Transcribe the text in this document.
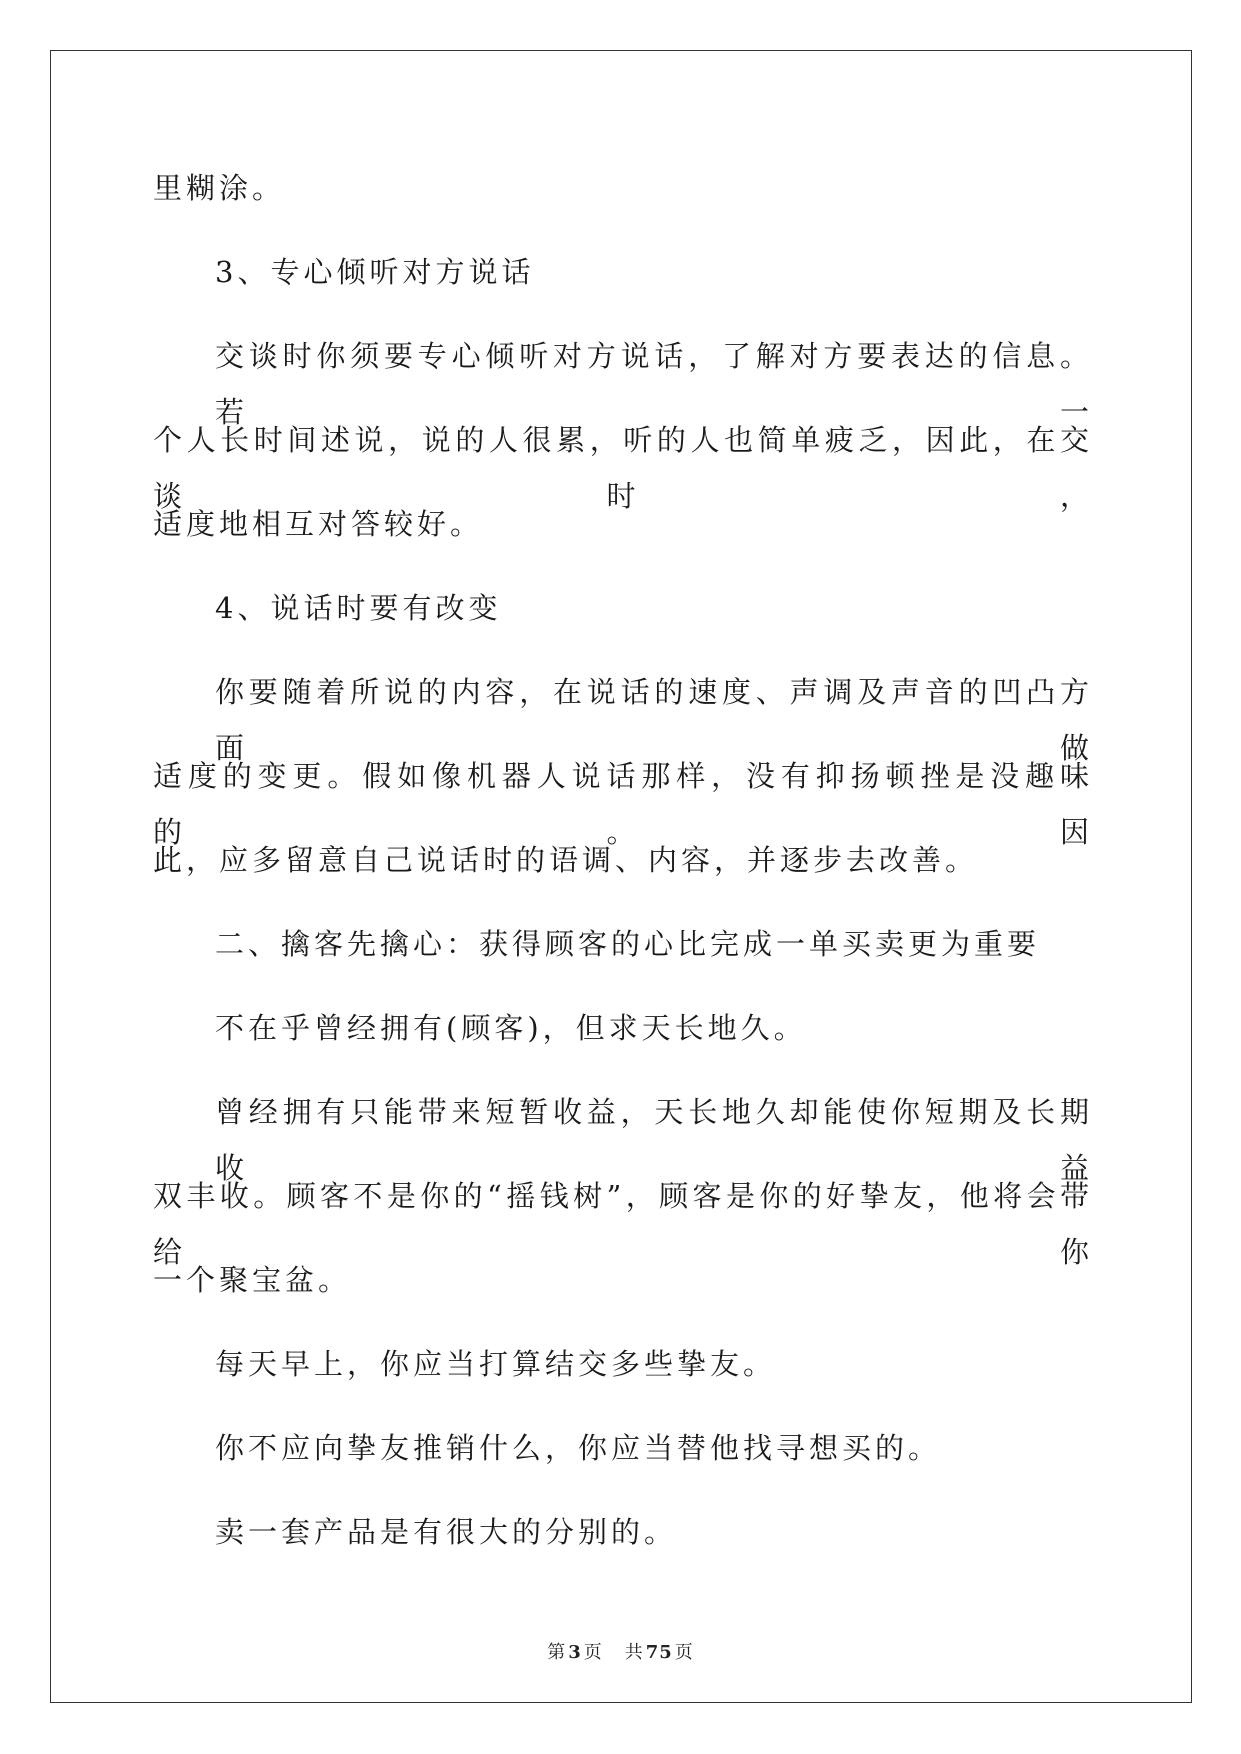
里糊涂。
3、专心倾听对方说话
交谈时你须要专心倾听对方说话，了解对方要表达的信息。若一
个人长时间述说，说的人很累，听的人也简单疲乏，因此，在交谈时，
适度地相互对答较好。
4、说话时要有改变
你要随着所说的内容，在说话的速度、声调及声音的凹凸方面做
适度的变更。假如像机器人说话那样，没有抑扬顿挫是没趣味的。因
此，应多留意自己说话时的语调、内容，并逐步去改善。
二、擒客先擒心：获得顾客的心比完成一单买卖更为重要
不在乎曾经拥有(顾客)，但求天长地久。
曾经拥有只能带来短暂收益，天长地久却能使你短期及长期收益
双丰收。顾客不是你的“摇钱树”，顾客是你的好挚友，他将会带给你
一个聚宝盆。
每天早上，你应当打算结交多些挚友。
你不应向挚友推销什么，你应当替他找寻想买的。
卖一套产品是有很大的分别的。
第 3 页 共 75 页
